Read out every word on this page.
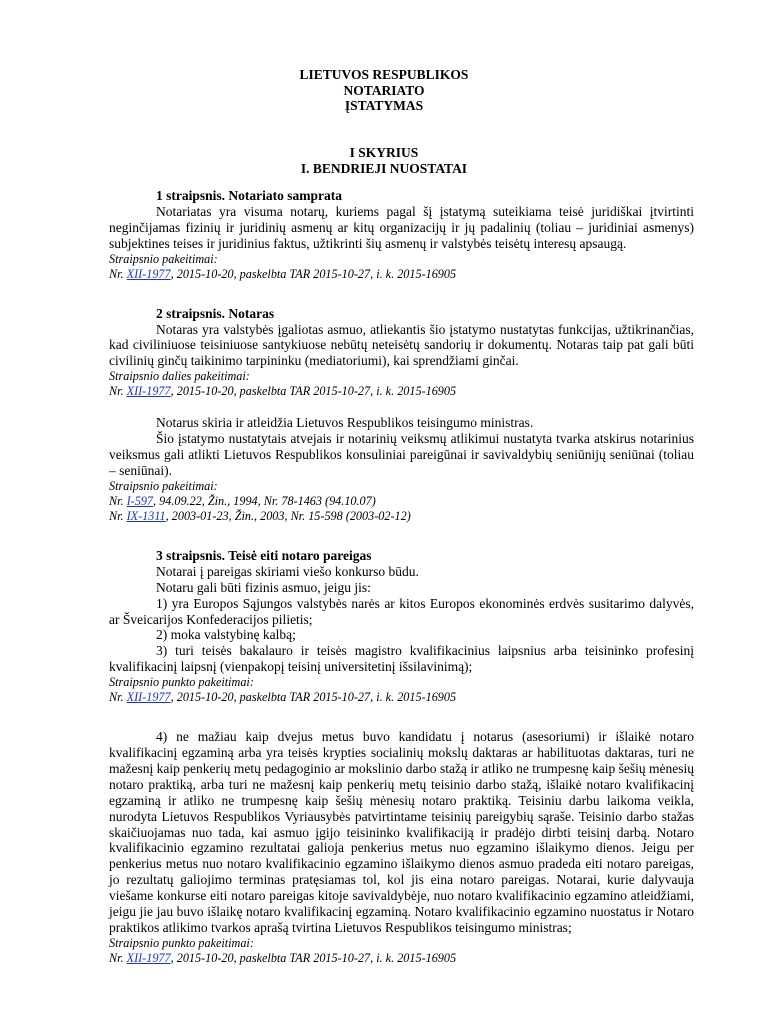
LIETUVOS RESPUBLIKOS
NOTARIATO
ĮSTATYMAS
I SKYRIUS
I. BENDRIEJI NUOSTATAI
1 straipsnis. Notariato samprata
Notariatas yra visuma notarų, kuriems pagal šį įstatymą suteikiama teisė juridiškai įtvirtinti neginčijamas fizinių ir juridinių asmenų ar kitų organizacijų ir jų padalinių (toliau – juridiniai asmenys) subjektines teises ir juridinius faktus, užtikrinti šių asmenų ir valstybės teisėtų interesų apsaugą.
Straipsnio pakeitimai:
Nr. XII-1977, 2015-10-20, paskelbta TAR 2015-10-27, i. k. 2015-16905
2 straipsnis. Notaras
Notaras yra valstybės įgaliotas asmuo, atliekantis šio įstatymo nustatytas funkcijas, užtikrinančias, kad civiliniuose teisiniuose santykiuose nebūtų neteisėtų sandorių ir dokumentų. Notaras taip pat gali būti civilinių ginčų taikinimo tarpininku (mediatoriumi), kai sprendžiami ginčai.
Straipsnio dalies pakeitimai:
Nr. XII-1977, 2015-10-20, paskelbta TAR 2015-10-27, i. k. 2015-16905
Notarus skiria ir atleidžia Lietuvos Respublikos teisingumo ministras.
Šio įstatymo nustatytais atvejais ir notarinių veiksmų atlikimui nustatyta tvarka atskirus notarinius veiksmus gali atlikti Lietuvos Respublikos konsuliniai pareigūnai ir savivaldybių seniūnijų seniūnai (toliau – seniūnai).
Straipsnio pakeitimai:
Nr. I-597, 94.09.22, Žin., 1994, Nr. 78-1463 (94.10.07)
Nr. IX-1311, 2003-01-23, Žin., 2003, Nr. 15-598 (2003-02-12)
3 straipsnis. Teisė eiti notaro pareigas
Notarai į pareigas skiriami viešo konkurso būdu.
Notaru gali būti fizinis asmuo, jeigu jis:
1) yra Europos Sąjungos valstybės narės ar kitos Europos ekonominės erdvės susitarimo dalyvės, ar Šveicarijos Konfederacijos pilietis;
2) moka valstybinę kalbą;
3) turi teisės bakalauro ir teisės magistro kvalifikacinius laipsnius arba teisininko profesinį kvalifikacinį laipsnį (vienpakopį teisinį universitetinį išsilavinimą);
Straipsnio punkto pakeitimai:
Nr. XII-1977, 2015-10-20, paskelbta TAR 2015-10-27, i. k. 2015-16905
4) ne mažiau kaip dvejus metus buvo kandidatu į notarus (asesoriumi) ir išlaikė notaro kvalifikacinį egzaminą arba yra teisės krypties socialinių mokslų daktaras ar habilituotas daktaras, turi ne mažesnį kaip penkerių metų pedagoginio ar mokslinio darbo stažą ir atliko ne trumpesnę kaip šešių mėnesių notaro praktiką, arba turi ne mažesnį kaip penkerių metų teisinio darbo stažą, išlaikė notaro kvalifikacinį egzaminą ir atliko ne trumpesnę kaip šešių mėnesių notaro praktiką. Teisiniu darbu laikoma veikla, nurodyta Lietuvos Respublikos Vyriausybės patvirtintame teisinių pareigybių sąraše. Teisinio darbo stažas skaičiuojamas nuo tada, kai asmuo įgijo teisininko kvalifikaciją ir pradėjo dirbti teisinį darbą. Notaro kvalifikacinio egzamino rezultatai galioja penkerius metus nuo egzamino išlaikymo dienos. Jeigu per penkerius metus nuo notaro kvalifikacinio egzamino išlaikymo dienos asmuo pradeda eiti notaro pareigas, jo rezultatų galiojimo terminas pratęsiamas tol, kol jis eina notaro pareigas. Notarai, kurie dalyvauja viešame konkurse eiti notaro pareigas kitoje savivaldybėje, nuo notaro kvalifikacinio egzamino atleidžiami, jeigu jie jau buvo išlaikę notaro kvalifikacinį egzaminą. Notaro kvalifikacinio egzamino nuostatus ir Notaro praktikos atlikimo tvarkos aprašą tvirtina Lietuvos Respublikos teisingumo ministras;
Straipsnio punkto pakeitimai:
Nr. XII-1977, 2015-10-20, paskelbta TAR 2015-10-27, i. k. 2015-16905
